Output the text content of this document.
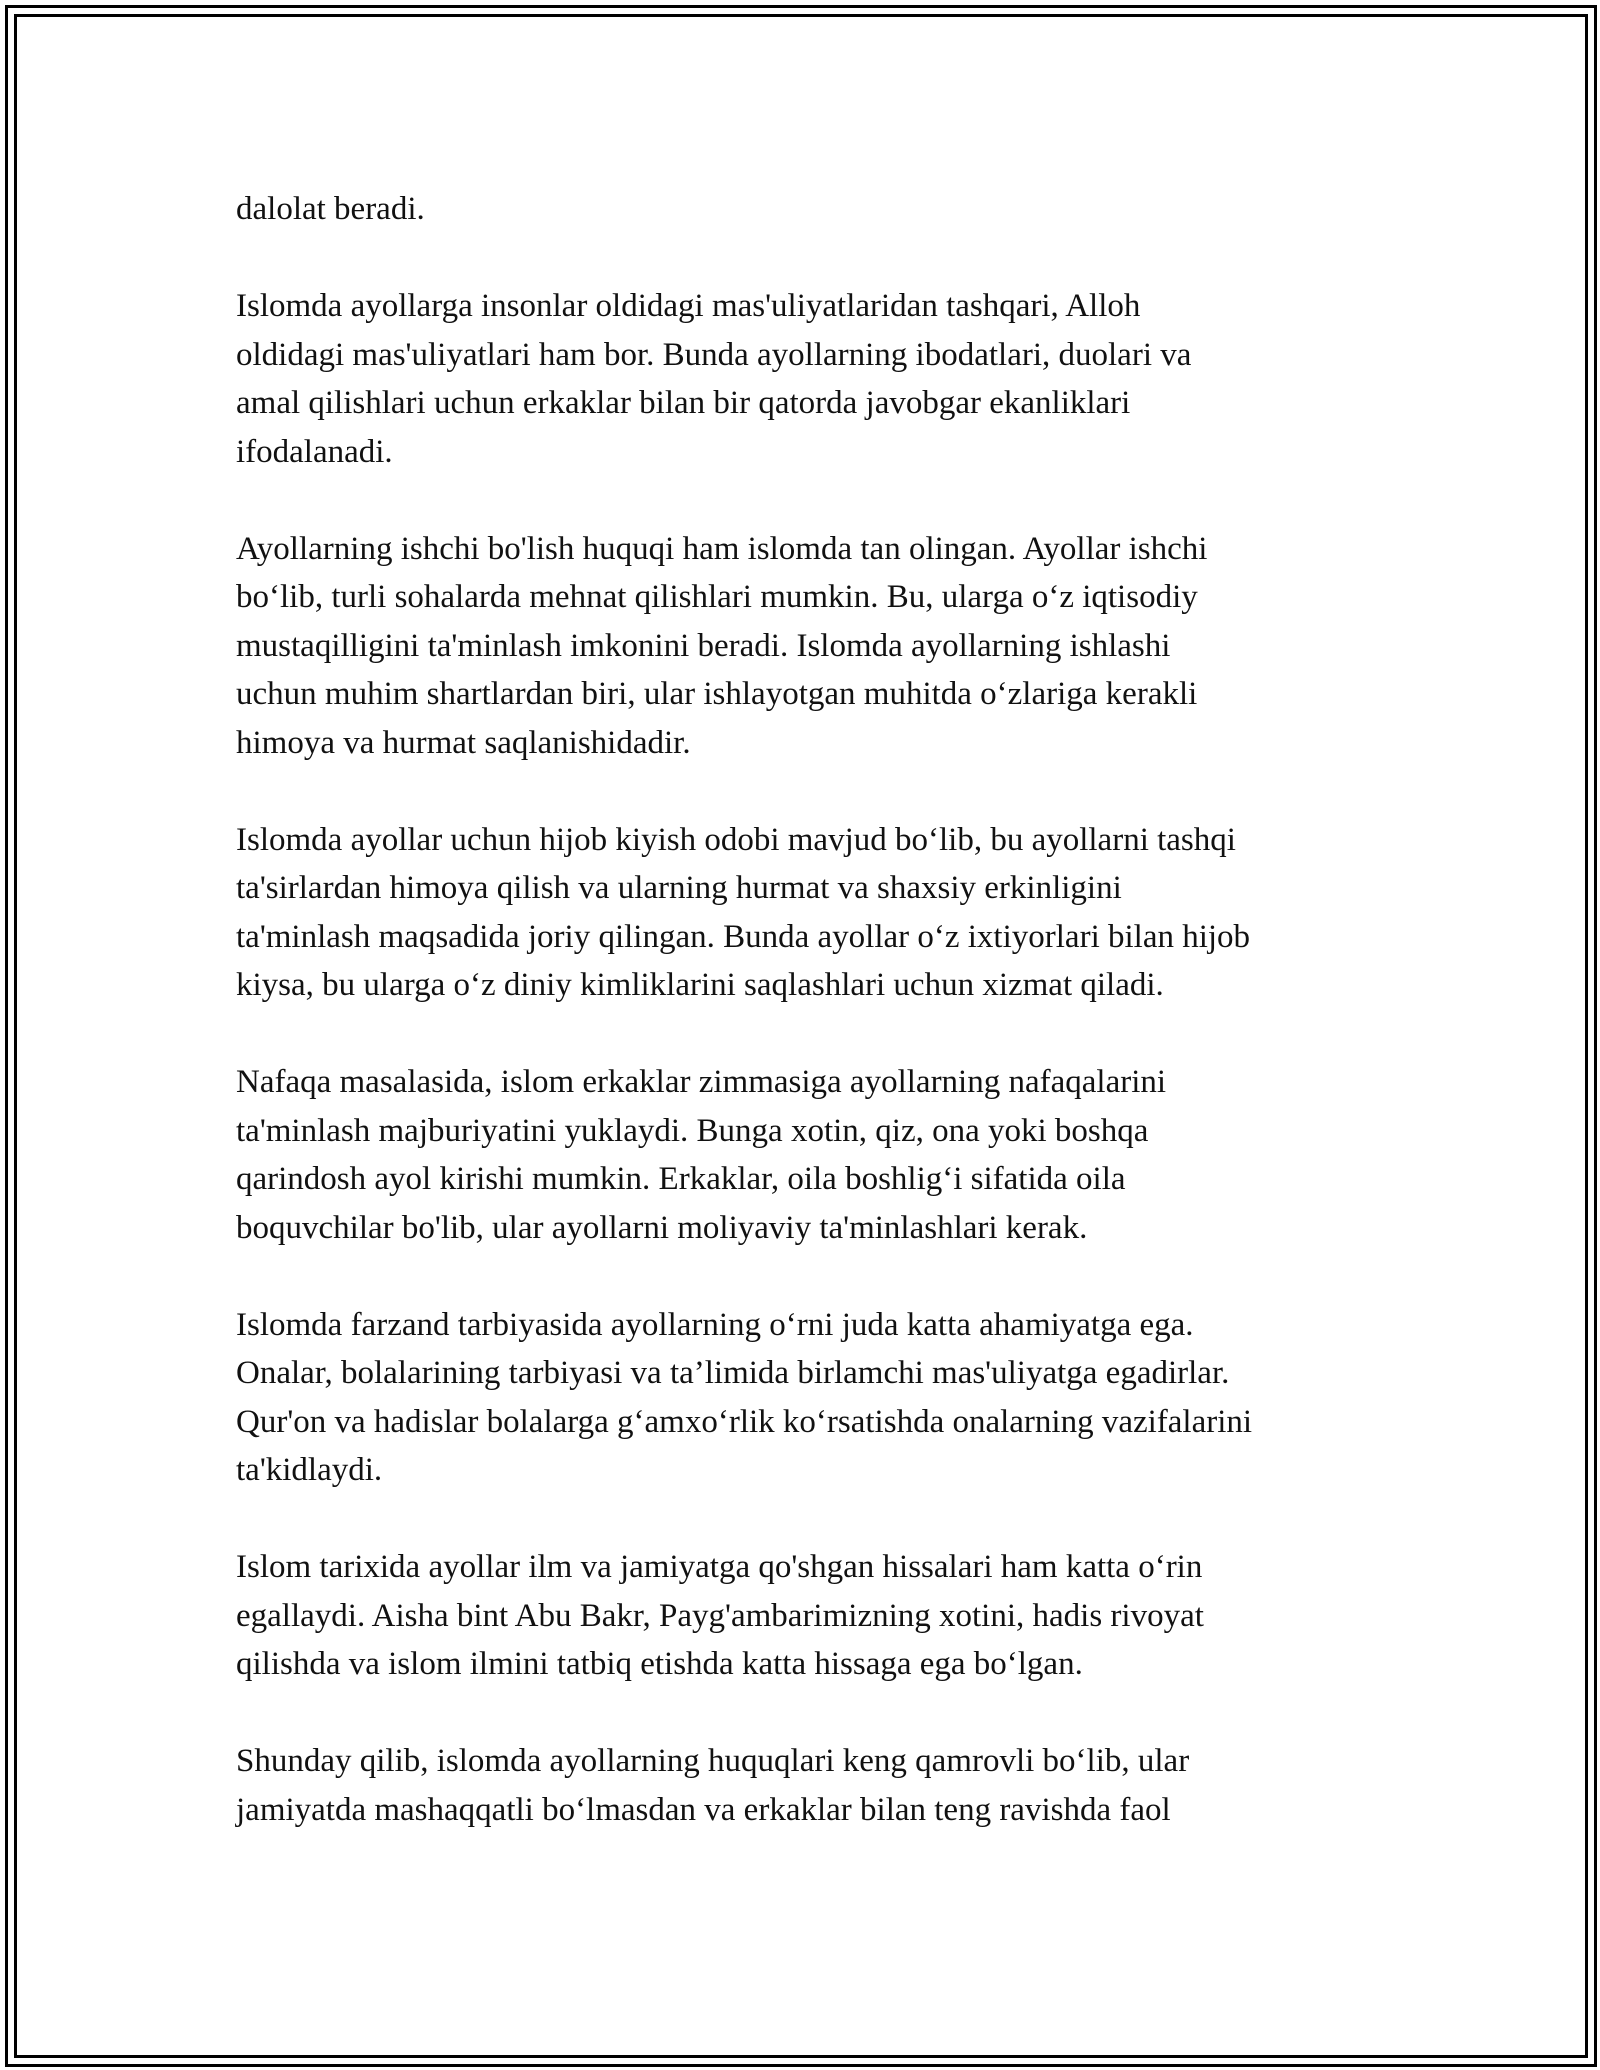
dalolat beradi.

Islomda ayollarga insonlar oldidagi mas'uliyatlaridan tashqari, Alloh
oldidagi mas'uliyatlari ham bor. Bunda ayollarning ibodatlari, duolari va
amal qilishlari uchun erkaklar bilan bir qatorda javobgar ekanliklari
ifodalanadi.

Ayollarning ishchi bo'lish huquqi ham islomda tan olingan. Ayollar ishchi
bo‘lib, turli sohalarda mehnat qilishlari mumkin. Bu, ularga o‘z iqtisodiy
mustaqilligini ta'minlash imkonini beradi. Islomda ayollarning ishlashi
uchun muhim shartlardan biri, ular ishlayotgan muhitda o‘zlariga kerakli
himoya va hurmat saqlanishidadir.

Islomda ayollar uchun hijob kiyish odobi mavjud bo‘lib, bu ayollarni tashqi
ta'sirlardan himoya qilish va ularning hurmat va shaxsiy erkinligini
ta'minlash maqsadida joriy qilingan. Bunda ayollar o‘z ixtiyorlari bilan hijob
kiysa, bu ularga o‘z diniy kimliklarini saqlashlari uchun xizmat qiladi.

Nafaqa masalasida, islom erkaklar zimmasiga ayollarning nafaqalarini
ta'minlash majburiyatini yuklaydi. Bunga xotin, qiz, ona yoki boshqa
qarindosh ayol kirishi mumkin. Erkaklar, oila boshlig‘i sifatida oila
boquvchilar bo'lib, ular ayollarni moliyaviy ta'minlashlari kerak.

Islomda farzand tarbiyasida ayollarning o‘rni juda katta ahamiyatga ega.
Onalar, bolalarining tarbiyasi va ta’limida birlamchi mas'uliyatga egadirlar.
Qur'on va hadislar bolalarga g‘amxo‘rlik ko‘rsatishda onalarning vazifalarini
ta'kidlaydi.

Islom tarixida ayollar ilm va jamiyatga qo'shgan hissalari ham katta o‘rin
egallaydi. Aisha bint Abu Bakr, Payg'ambarimizning xotini, hadis rivoyat
qilishda va islom ilmini tatbiq etishda katta hissaga ega bo‘lgan.

Shunday qilib, islomda ayollarning huquqlari keng qamrovli bo‘lib, ular
jamiyatda mashaqqatli bo‘lmasdan va erkaklar bilan teng ravishda faol
